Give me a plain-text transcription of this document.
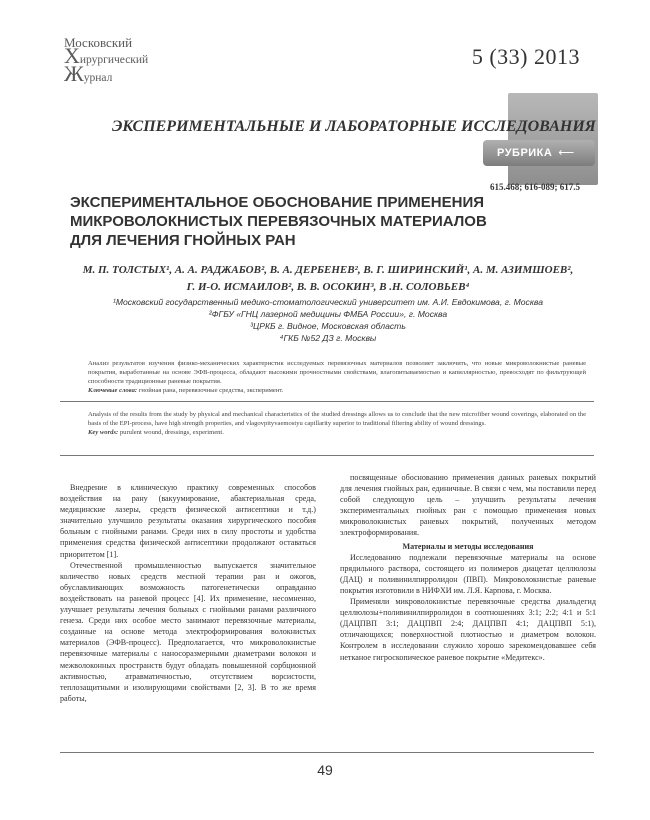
Московский
Хирургический
Журнал
5 (33) 2013
РУБРИКА ⟵
ЭКСПЕРИМЕНТАЛЬНЫЕ И ЛАБОРАТОРНЫЕ ИССЛЕДОВАНИЯ
615.468; 616-089; 617.5
ЭКСПЕРИМЕНТАЛЬНОЕ ОБОСНОВАНИЕ ПРИМЕНЕНИЯ
МИКРОВОЛОКНИСТЫХ ПЕРЕВЯЗОЧНЫХ МАТЕРИАЛОВ
ДЛЯ ЛЕЧЕНИЯ ГНОЙНЫХ РАН
М. П. ТОЛСТЫХ¹, А. А. РАДЖАБОВ², В. А. ДЕРБЕНЕВ², В. Г. ШИРИНСКИЙ¹, А. М. АЗИМШОЕВ²,
Г. И-О. ИСМАИЛОВ², В. В. ОСОКИН³, В .Н. СОЛОВЬЕВ⁴
¹Московский государственный медико-стоматологический университет им. А.И. Евдокимова, г. Москва
²ФГБУ «ГНЦ лазерной медицины ФМБА России», г. Москва
³ЦРКБ г. Видное, Московская область
⁴ГКБ №52 ДЗ г. Москвы
Анализ результатов изучения физико-механических характеристик исследуемых перевязочных материалов позволяет заключить, что новые микроволокнистые раневые покрытия, выработанные на основе ЭФВ-процесса, обладают высокими прочностными свойствами, влагопитываемостью и капиллярностью, превосходят по фильтрующей способности традиционные раневые покрытия.
Ключевые слова: гнойная рана, перевязочные средства, эксперимент.
Analysis of the results from the study by physical and mechanical characteristics of the studied dressings allows us to conclude that the new microfiber wound coverings, elaborated on the basis of the EPI-process, have high strength properties, and vlagovpityvaemostyu capillarity superior to traditional filtering ability of wound dressings.
Key words: purulent wound, dressings, experiment.

Внедрение в клиническую практику современных способов воздействия на рану (вакуумирование, абактериальная среда, медицинские лазеры, средств физической антисептики и т.д.) значительно улучшило результаты оказания хирургического пособия больным с гнойными ранами. Среди них в силу простоты и удобства применения средства физической антисептики продолжают оставаться приоритетом [1].

Отечественной промышленностью выпускается значительное количество новых средств местной терапии ран и ожогов, обуславливающих возможность патогенетически оправданно воздействовать на раневой процесс [4]. Их применение, несомненно, улучшает результаты лечения больных с гнойными ранами различного генеза. Среди них особое место занимают перевязочные материалы, созданные на основе метода электроформирования волокнистых материалов (ЭФВ-процесс). Предполагается, что микроволокнистые перевязочные материалы с наносоразмерными диаметрами волокон и межволоконных пространств будут обладать повышенной сорбционной активностью, атравматичностью, отсутствием ворсистости, теплозащитными и изолирующими свойствами [2, 3]. В то же время работы,

посвященные обоснованию применения данных раневых покрытий для лечения гнойных ран, единичные. В связи с чем, мы поставили перед собой следующую цель – улучшить результаты лечения экспериментальных гнойных ран с помощью применения новых микроволокнистых раневых покрытий, полученных методом электроформирования.

Материалы и методы исследования

Исследованию подлежали перевязочные материалы на основе прядильного раствора, состоящего из полимеров диацетат целлюлозы (ДАЦ) и поливинилпирролидон (ПВП). Микроволокнистые раневые покрытия изготовили в НИФХИ им. Л.Я. Карпова, г. Москва.

Применяли микроволокнистые перевязочные средства диальдегид целлюлозы+поливинилпирролидон в соотношениях 3:1; 2:2; 4:1 и 5:1 (ДАЦПВП 3:1; ДАЦПВП 2:4; ДАЦПВП 4:1; ДАЦПВП 5:1), отличающихся; поверхностной плотностью и диаметром волокон. Контролем в исследовании служило хорошо зарекомендовавшее себя нетканое гигроскопическое раневое покрытие «Медитекс».

49
